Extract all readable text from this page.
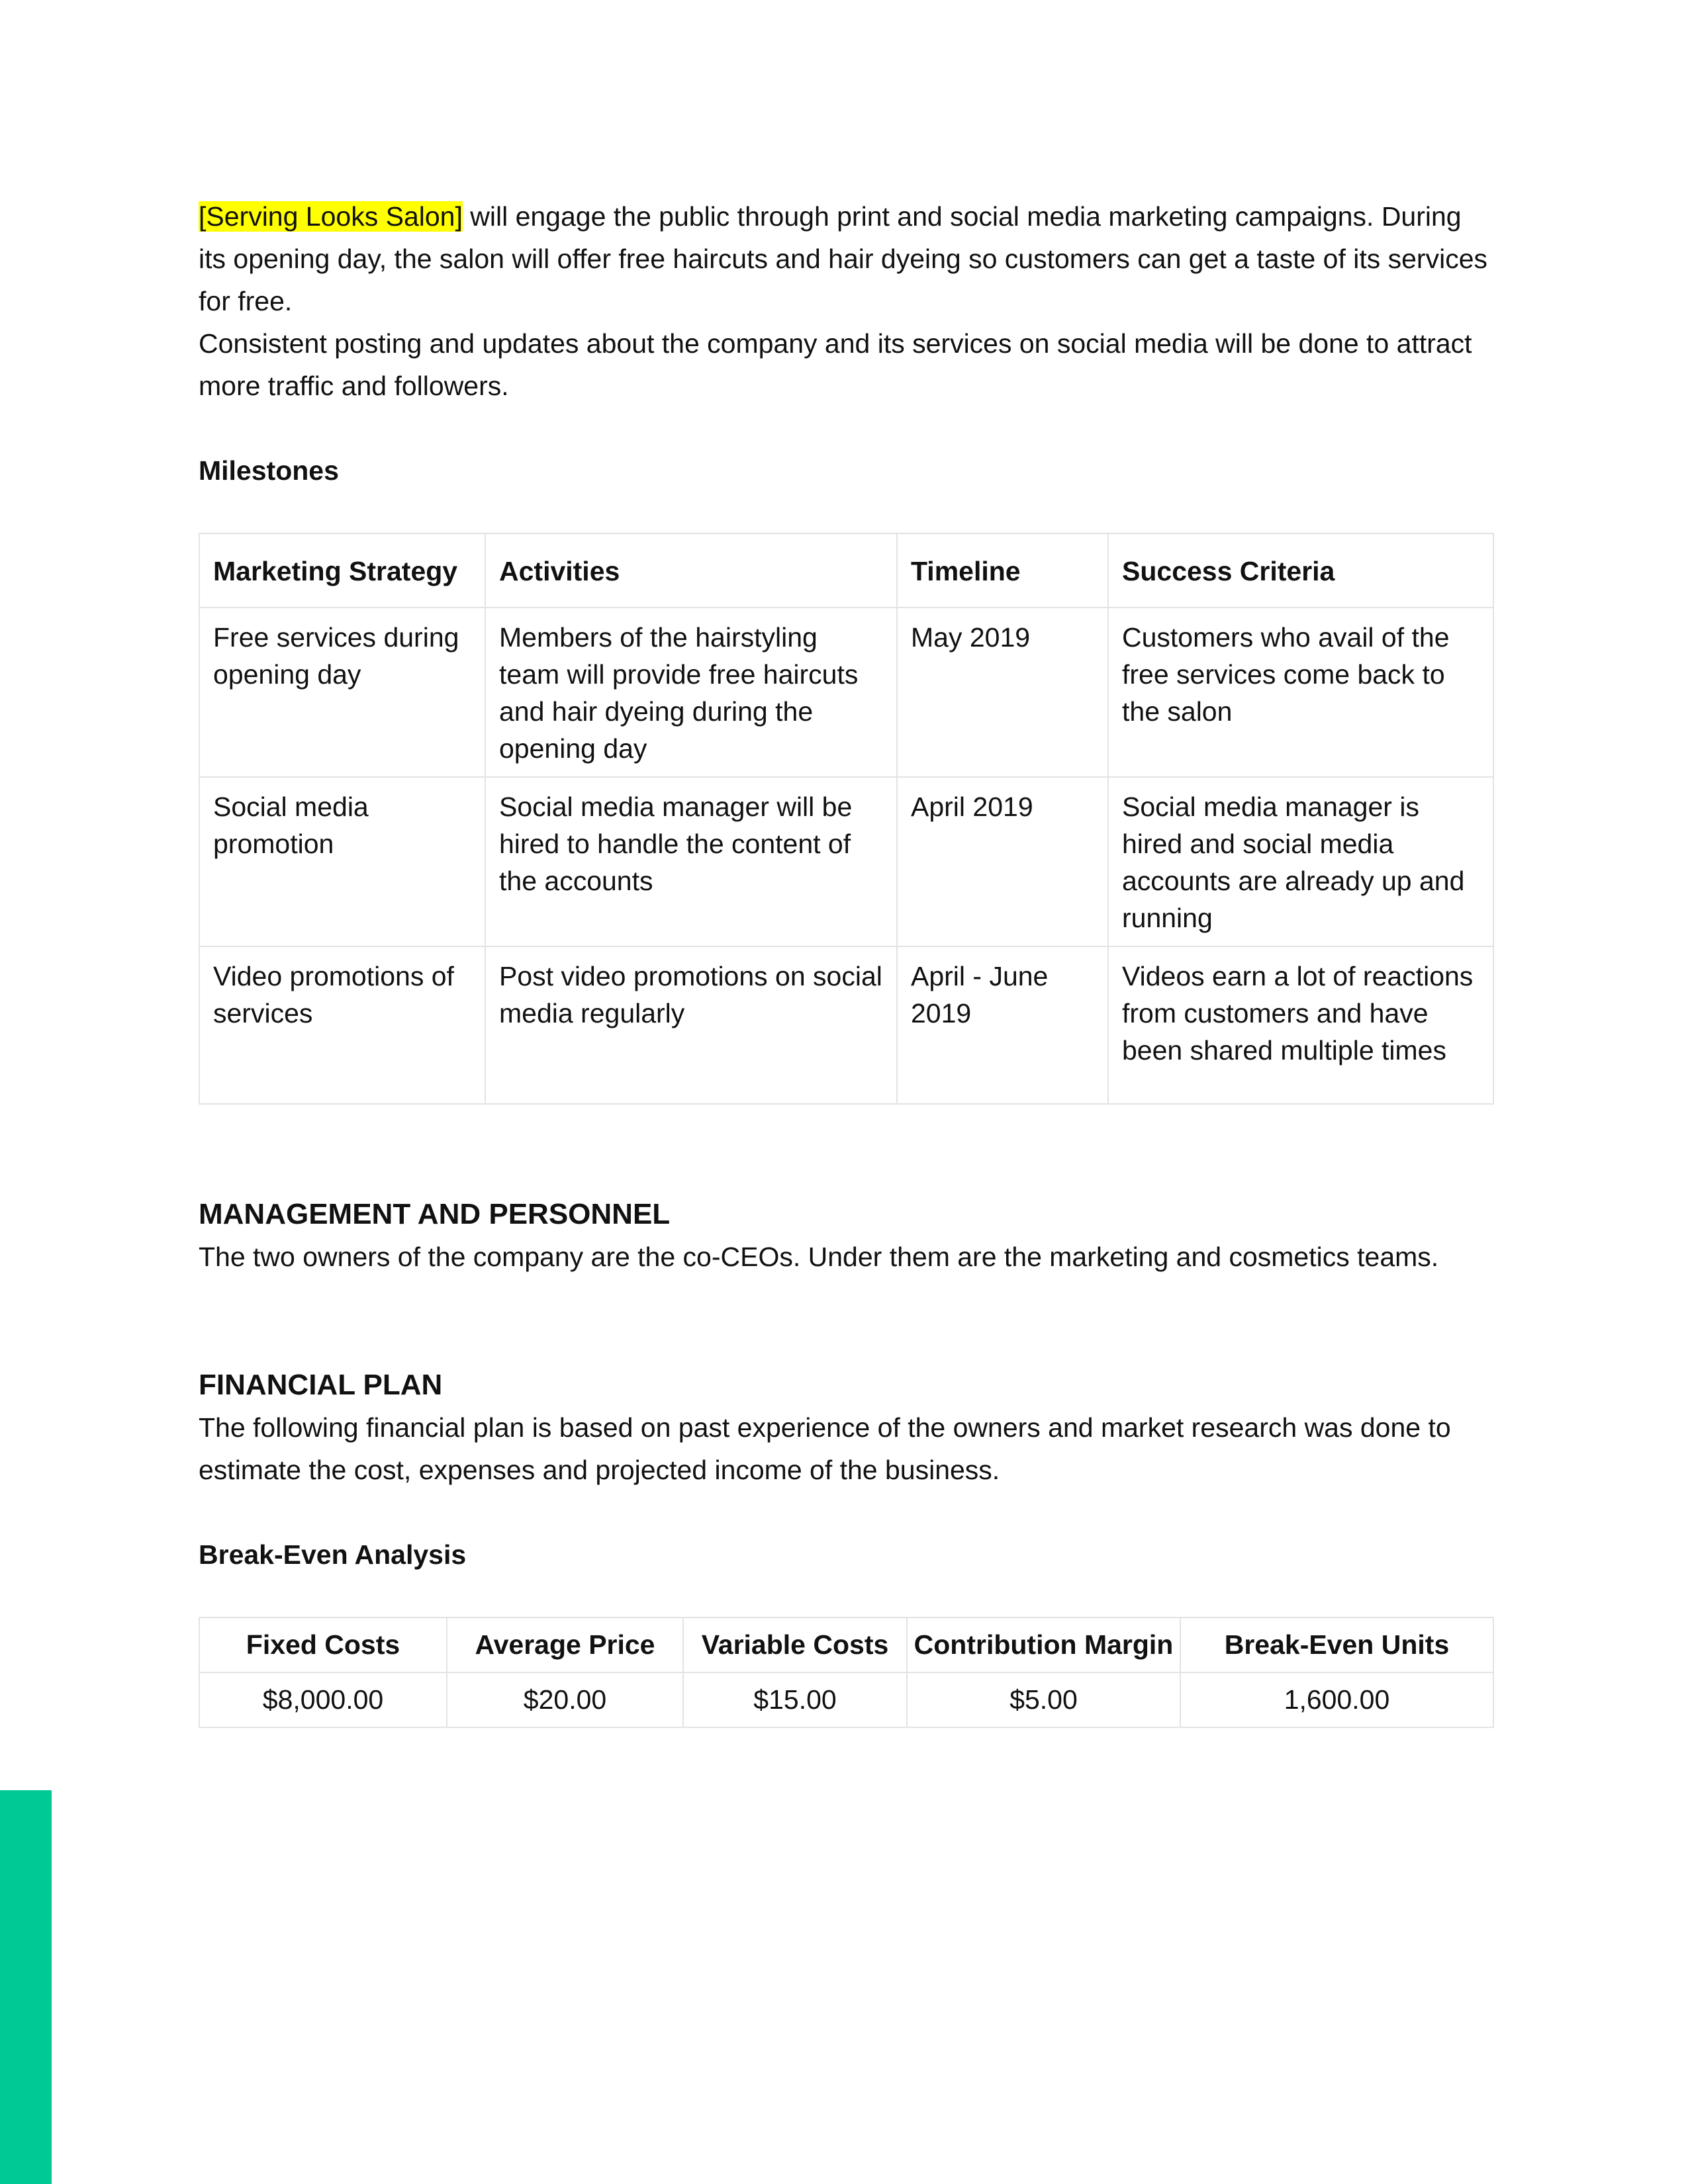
[Serving Looks Salon] will engage the public through print and social media marketing campaigns. During its opening day, the salon will offer free haircuts and hair dyeing so customers can get a taste of its services for free.

Consistent posting and updates about the company and its services on social media will be done to attract more traffic and followers.

Milestones

Marketing Strategy	Activities	Timeline	Success Criteria
Free services during opening day	Members of the hairstyling team will provide free haircuts and hair dyeing during the opening day	May 2019	Customers who avail of the free services come back to the salon
Social media promotion	Social media manager will be hired to handle the content of the accounts	April 2019	Social media manager is hired and social media accounts are already up and running
Video promotions of services	Post video promotions on social media regularly	April - June 2019	Videos earn a lot of reactions from customers and have been shared multiple times
MANAGEMENT AND PERSONNEL

The two owners of the company are the co-CEOs. Under them are the marketing and cosmetics teams.

FINANCIAL PLAN

The following financial plan is based on past experience of the owners and market research was done to estimate the cost, expenses and projected income of the business.

Break-Even Analysis

Fixed Costs	Average Price	Variable Costs	Contribution Margin	Break-Even Units
$8,000.00	$20.00	$15.00	$5.00	1,600.00
